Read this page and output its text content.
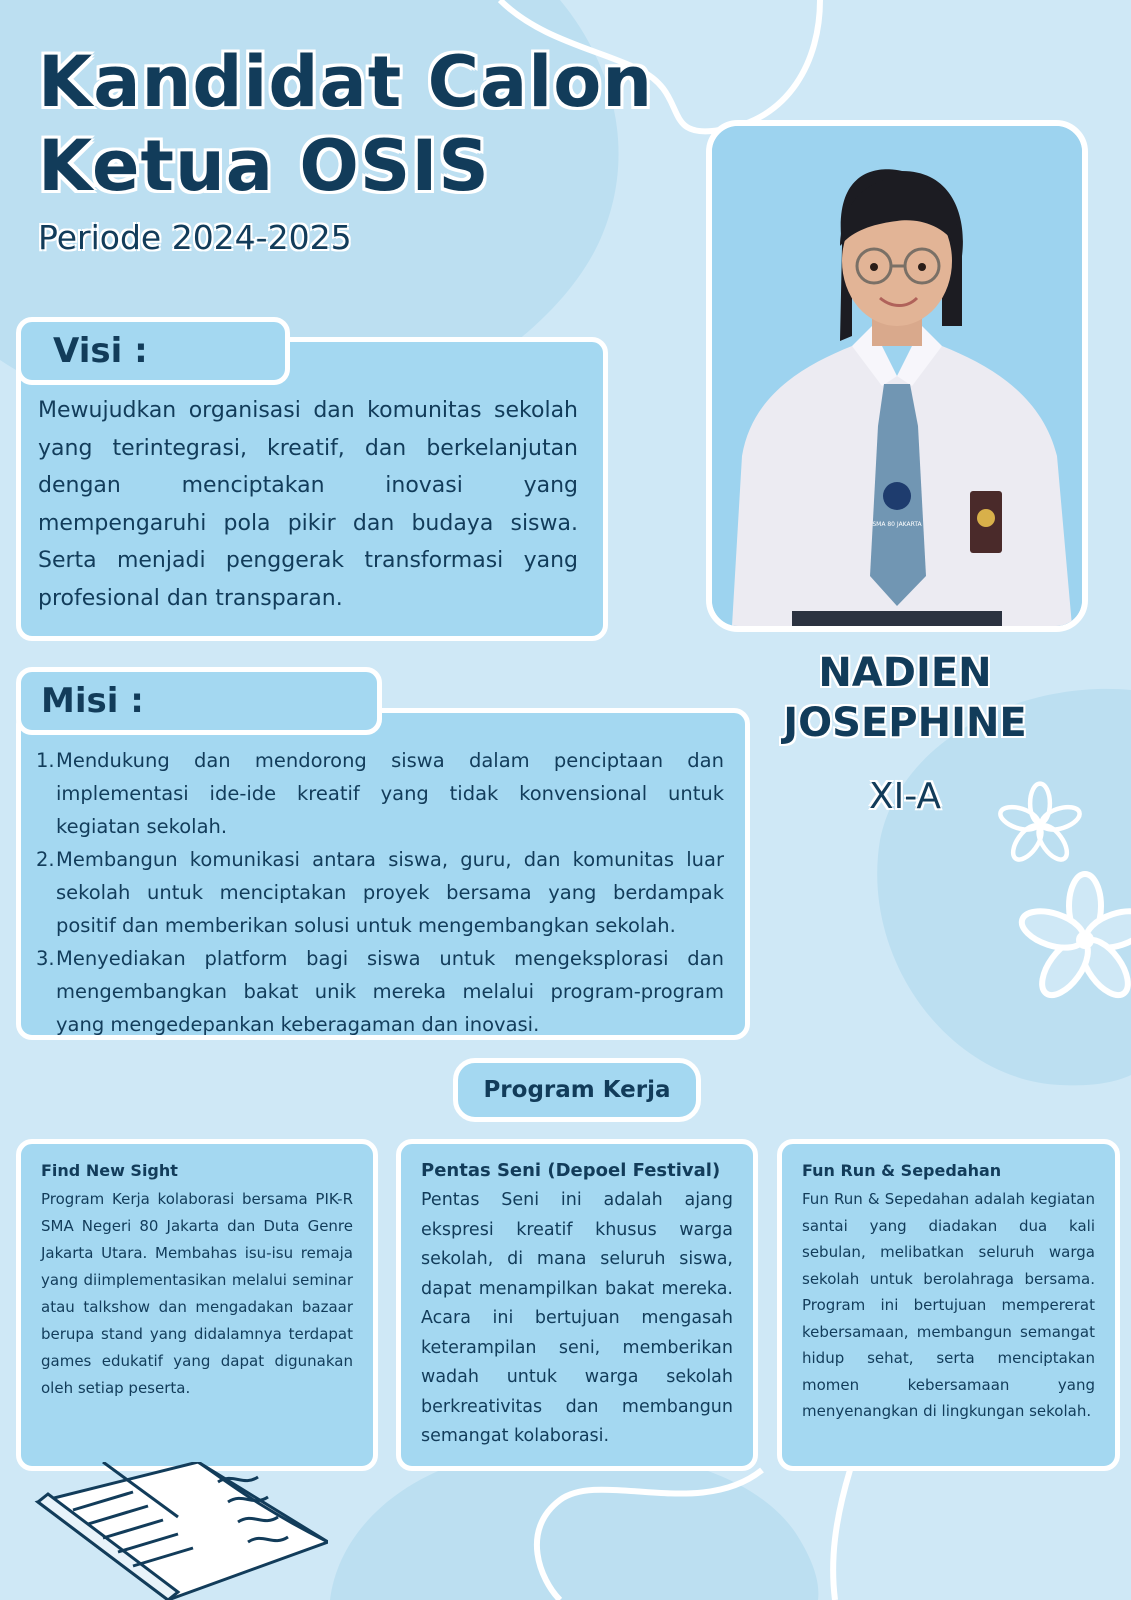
Kandidat Calon
Ketua OSIS
Periode 2024-2025
Visi :
Mewujudkan organisasi dan komunitas sekolah yang terintegrasi, kreatif, dan berkelanjutan dengan menciptakan inovasi yang mempengaruhi pola pikir dan budaya siswa. Serta menjadi penggerak transformasi yang profesional dan transparan.
Misi :
1. Mendukung dan mendorong siswa dalam penciptaan dan implementasi ide-ide kreatif yang tidak konvensional untuk kegiatan sekolah.
2. Membangun komunikasi antara siswa, guru, dan komunitas luar sekolah untuk menciptakan proyek bersama yang berdampak positif dan memberikan solusi untuk mengembangkan sekolah.
3. Menyediakan platform bagi siswa untuk mengeksplorasi dan mengembangkan bakat unik mereka melalui program-program yang mengedepankan keberagaman dan inovasi.
SMA 80 JAKARTA
NADIEN
JOSEPHINE
XI-A
Program Kerja
Find New Sight

Program Kerja kolaborasi bersama PIK-R SMA Negeri 80 Jakarta dan Duta Genre Jakarta Utara. Membahas isu-isu remaja yang diimplementasikan melalui seminar atau talkshow dan mengadakan bazaar berupa stand yang didalamnya terdapat games edukatif yang dapat digunakan oleh setiap peserta.

Pentas Seni (Depoel Festival)

Pentas Seni ini adalah ajang ekspresi kreatif khusus warga sekolah, di mana seluruh siswa, dapat menampilkan bakat mereka. Acara ini bertujuan mengasah keterampilan seni, memberikan wadah untuk warga sekolah berkreativitas dan membangun semangat kolaborasi.

Fun Run & Sepedahan

Fun Run & Sepedahan adalah kegiatan santai yang diadakan dua kali sebulan, melibatkan seluruh warga sekolah untuk berolahraga bersama. Program ini bertujuan mempererat kebersamaan, membangun semangat hidup sehat, serta menciptakan momen kebersamaan yang menyenangkan di lingkungan sekolah.
